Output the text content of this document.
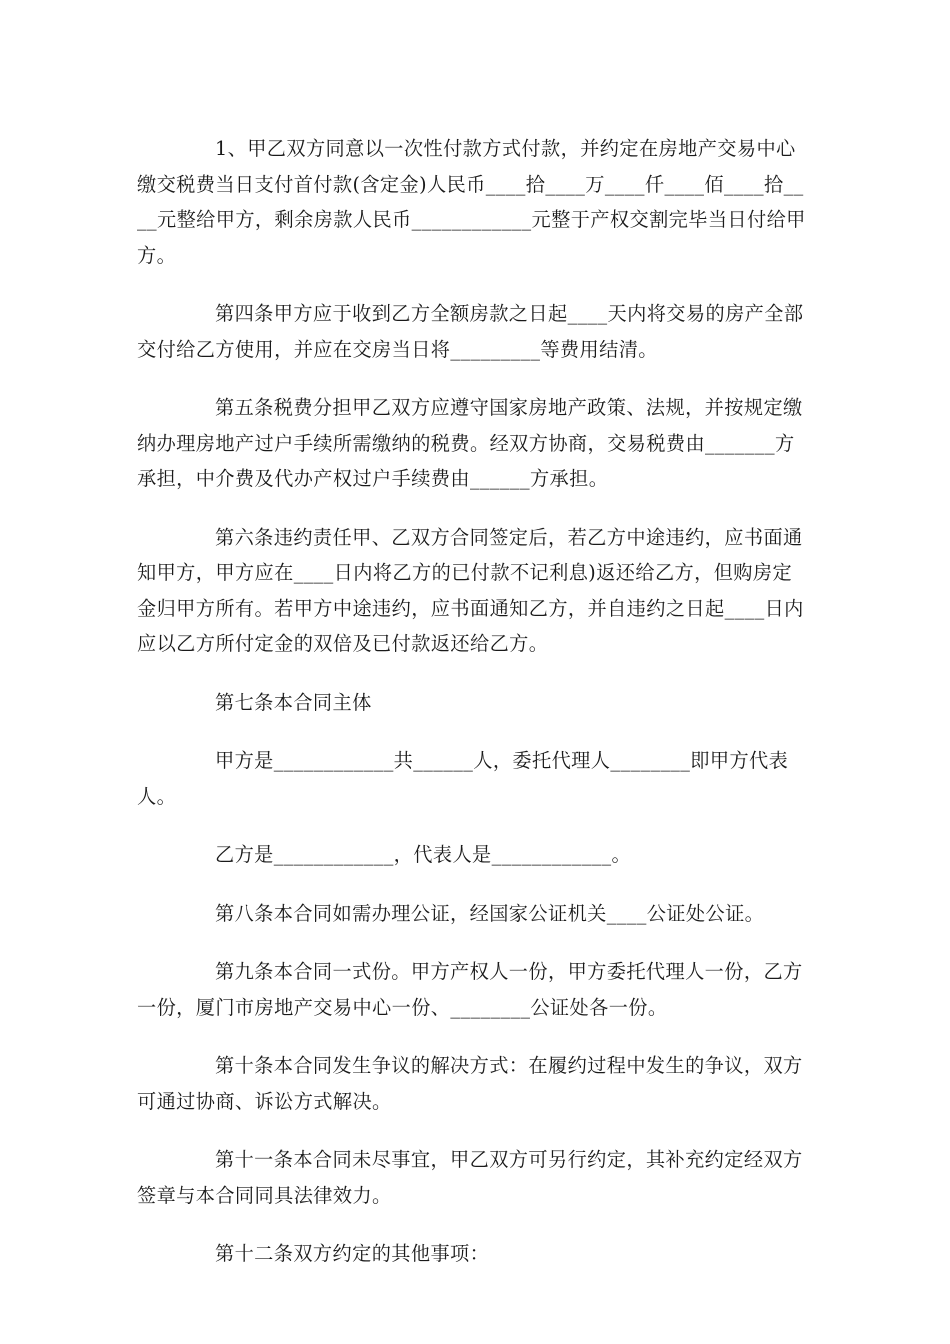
1、甲乙双方同意以一次性付款方式付款，并约定在房地产交易中心缴交税费当日支付首付款(含定金)人民币____拾____万____仟____佰____拾____元整给甲方，剩余房款人民币____________元整于产权交割完毕当日付给甲方。

第四条甲方应于收到乙方全额房款之日起____天内将交易的房产全部交付给乙方使用，并应在交房当日将_________等费用结清。

第五条税费分担甲乙双方应遵守国家房地产政策、法规，并按规定缴纳办理房地产过户手续所需缴纳的税费。经双方协商，交易税费由_______方承担，中介费及代办产权过户手续费由______方承担。

第六条违约责任甲、乙双方合同签定后，若乙方中途违约，应书面通知甲方，甲方应在____日内将乙方的已付款不记利息)返还给乙方，但购房定金归甲方所有。若甲方中途违约，应书面通知乙方，并自违约之日起____日内应以乙方所付定金的双倍及已付款返还给乙方。

第七条本合同主体

甲方是____________共______人，委托代理人________即甲方代表人。

乙方是____________，代表人是____________。

第八条本合同如需办理公证，经国家公证机关____公证处公证。

第九条本合同一式份。甲方产权人一份，甲方委托代理人一份，乙方一份，厦门市房地产交易中心一份、________公证处各一份。

第十条本合同发生争议的解决方式：在履约过程中发生的争议，双方可通过协商、诉讼方式解决。

第十一条本合同未尽事宜，甲乙双方可另行约定，其补充约定经双方签章与本合同同具法律效力。

第十二条双方约定的其他事项：
